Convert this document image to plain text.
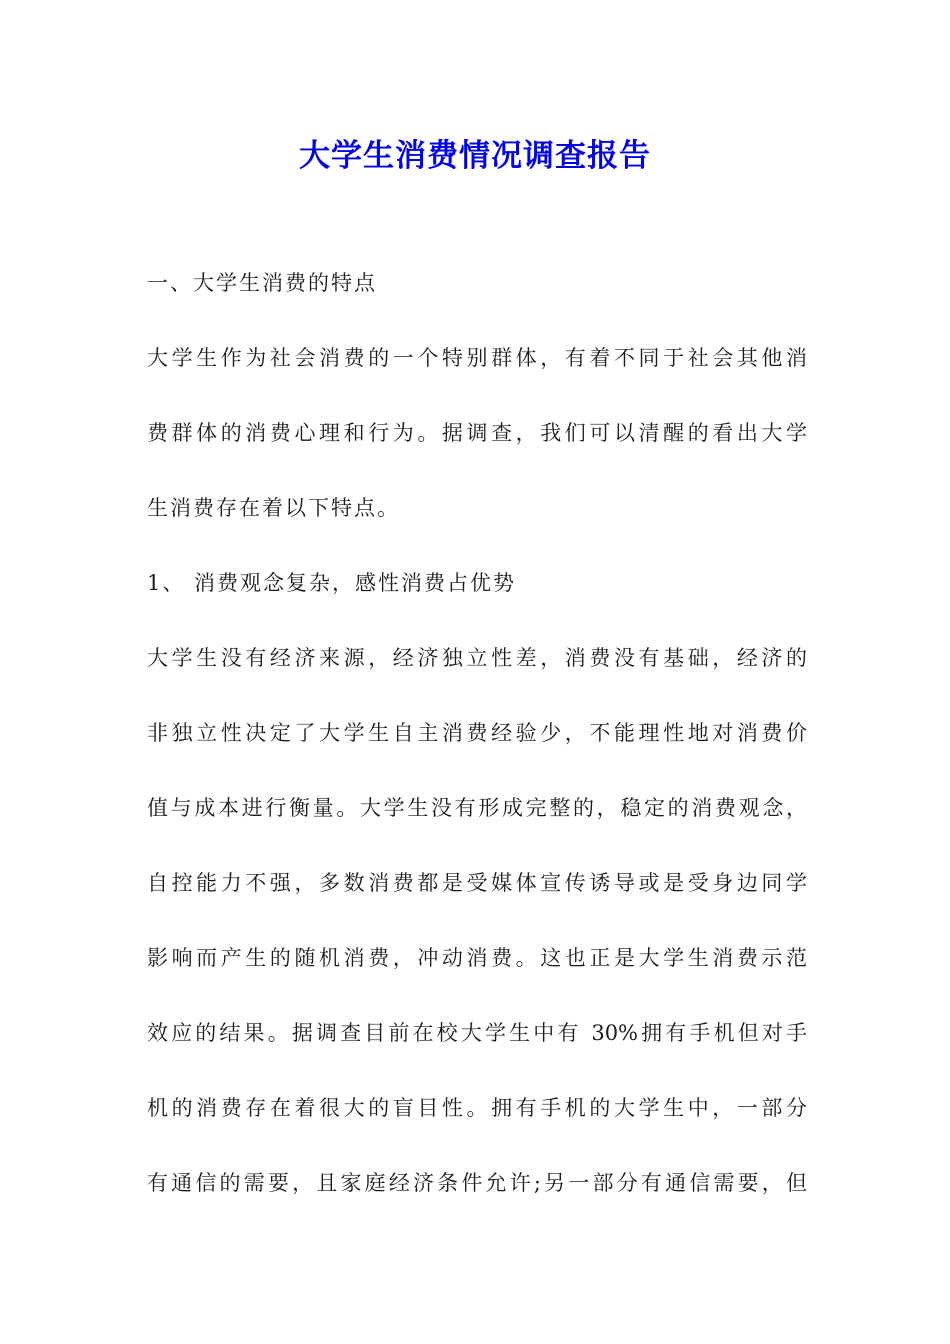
大学生消费情况调查报告

一、大学生消费的特点

大学生作为社会消费的一个特别群体，有着不同于社会其他消

费群体的消费心理和行为。据调查，我们可以清醒的看出大学

生消费存在着以下特点。

1、 消费观念复杂，感性消费占优势

大学生没有经济来源，经济独立性差，消费没有基础，经济的

非独立性决定了大学生自主消费经验少，不能理性地对消费价

值与成本进行衡量。大学生没有形成完整的，稳定的消费观念，

自控能力不强，多数消费都是受媒体宣传诱导或是受身边同学

影响而产生的随机消费，冲动消费。这也正是大学生消费示范

效应的结果。据调查目前在校大学生中有 30%拥有手机但对手

机的消费存在着很大的盲目性。拥有手机的大学生中，一部分

有通信的需要，且家庭经济条件允许;另一部分有通信需要，但
